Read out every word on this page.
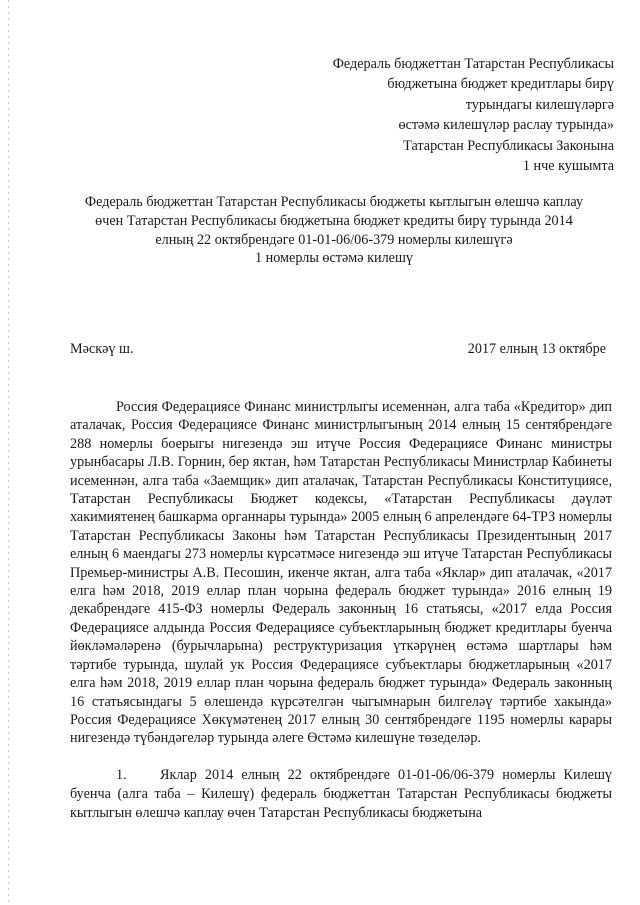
Федераль бюджеттан Татарстан Республикасы
бюджетына бюджет кредитлары бирү
турындагы килешүләргә
өстәмә килешүләр раслау турында»
Татарстан Республикасы Законына
1 нче кушымта
Федераль бюджеттан Татарстан Республикасы бюджеты кытлыгын өлешчә каплау
өчен Татарстан Республикасы бюджетына бюджет кредиты бирү турында 2014
елның 22 октябрендәге 01-01-06/06-379 номерлы килешүгә
1 номерлы өстәмә килешү
Мәскәү ш.	2017 елның 13 октябре

Россия Федерациясе Финанс министрлыгы исеменнән, алга таба «Кредитор» дип аталачак, Россия Федерациясе Финанс министрлыгының 2014 елның 15 сентябрендәге 288 номерлы боерыгы нигезендә эш итүче Россия Федерациясе Финанс министры урынбасары Л.В. Горнин, бер яктан, һәм Татарстан Республикасы Министрлар Кабинеты исеменнән, алга таба «Заемщик» дип аталачак, Татарстан Республикасы Конституциясе, Татарстан Республикасы Бюджет кодексы, «Татарстан Республикасы дәүләт хакимиятенең башкарма органнары турында» 2005 елның 6 апрелендәге 64-ТРЗ номерлы Татарстан Республикасы Законы һәм Татарстан Республикасы Президентының 2017 елның 6 маендагы 273 номерлы күрсәтмәсе нигезендә эш итүче Татарстан Республикасы Премьер-министры А.В. Песошин, икенче яктан, алга таба «Яклар» дип аталачак, «2017 елга һәм 2018, 2019 еллар план чорына федераль бюджет турында» 2016 елның 19 декабрендәге 415-ФЗ номерлы Федераль законның 16 статьясы, «2017 елда Россия Федерациясе алдында Россия Федерациясе субъектларының бюджет кредитлары буенча йөкләмәләренә (бурычларына) реструктуризация үткәрүнең өстәмә шартлары һәм тәртибе турында, шулай ук Россия Федерациясе субъектлары бюджетларының «2017 елга һәм 2018, 2019 еллар план чорына федераль бюджет турында» Федераль законның 16 статьясындагы 5 өлешендә күрсәтелгән чыгымнарын билгеләү тәртибе хакында» Россия Федерациясе Хөкүмәтенең 2017 елның 30 сентябрендәге 1195 номерлы карары нигезендә түбәндәгеләр турында әлеге Өстәмә килешүне төзеделәр.

1. Яклар 2014 елның 22 октябрендәге 01-01-06/06-379 номерлы Килешү буенча (алга таба – Килешү) федераль бюджеттан Татарстан Республикасы бюджеты кытлыгын өлешчә каплау өчен Татарстан Республикасы бюджетына
